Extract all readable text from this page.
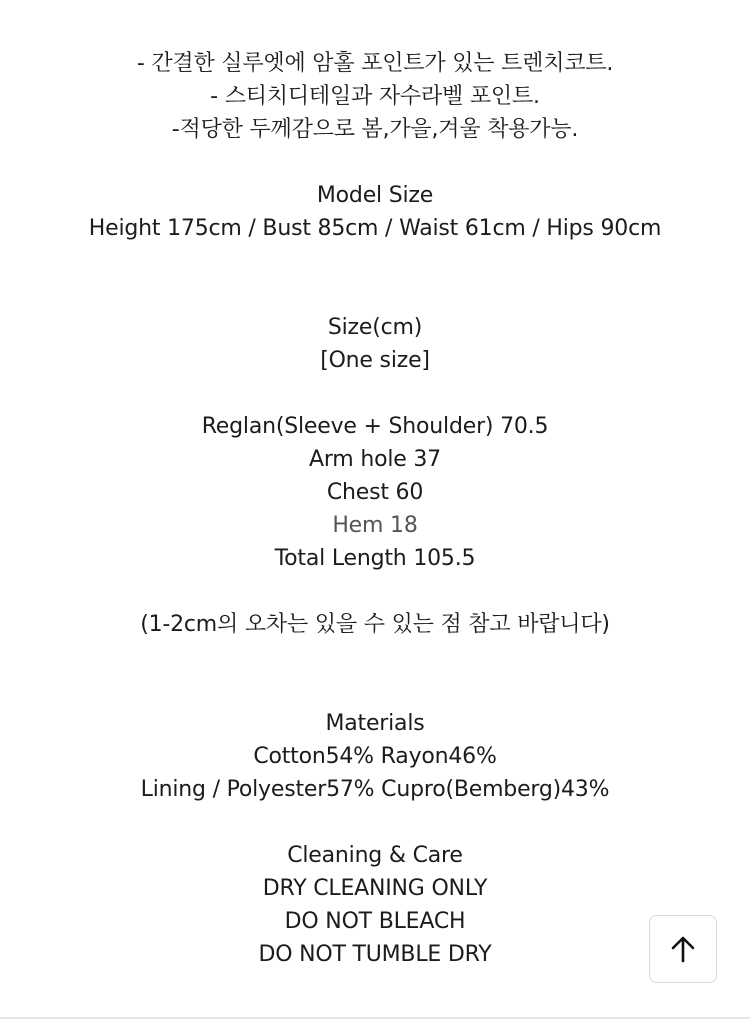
- 간결한 실루엣에 암홀 포인트가 있는 트렌치코트.
- 스티치디테일과 자수라벨 포인트.
-적당한 두께감으로 봄,가을,겨울 착용가능.
Model Size
Height 175cm / Bust 85cm / Waist 61cm / Hips 90cm
Size(cm)
[One size]
Reglan(Sleeve + Shoulder) 70.5
Arm hole 37
Chest 60
Hem 18
Total Length 105.5
(1-2cm의 오차는 있을 수 있는 점 참고 바랍니다)
Materials
Cotton54% Rayon46%
Lining / Polyester57% Cupro(Bemberg)43%
Cleaning & Care
DRY CLEANING ONLY
DO NOT BLEACH
DO NOT TUMBLE DRY
